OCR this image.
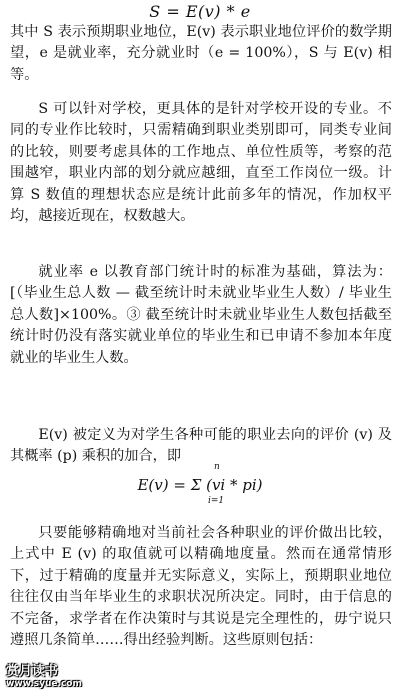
S = E(v) * e

其中 S 表示预期职业地位，E(v) 表示职业地位评价的数学期望，e 是就业率，充分就业时（e = 100%），S 与 E(v) 相等。

S 可以针对学校，更具体的是针对学校开设的专业。不同的专业作比较时，只需精确到职业类别即可，同类专业间的比较，则要考虑具体的工作地点、单位性质等，考察的范围越窄，职业内部的划分就应越细，直至工作岗位一级。计算 S 数值的理想状态应是统计此前多年的情况，作加权平均，越接近现在，权数越大。

就业率 e 以教育部门统计时的标准为基础，算法为：[（毕业生总人数 — 截至统计时未就业毕业生人数）/ 毕业生总人数]×100%。③ 截至统计时未就业毕业生人数包括截至统计时仍没有落实就业单位的毕业生和已申请不参加本年度就业的毕业生人数。

E(v) 被定义为对学生各种可能的职业去向的评价 (v) 及其概率 (p) 乘积的加合，即

E(v) = Σ (vi * pi)
n
i=1

只要能够精确地对当前社会各种职业的评价做出比较，上式中 E (v) 的取值就可以精确地度量。然而在通常情形下，过于精确的度量并无实际意义，实际上，预期职业地位往往仅由当年毕业生的求职状况所决定。同时，由于信息的不完备，求学者在作决策时与其说是完全理性的，毋宁说只遵照几条简单……得出经验判断。这些原则包括：

赏月读书
www.syue.com
